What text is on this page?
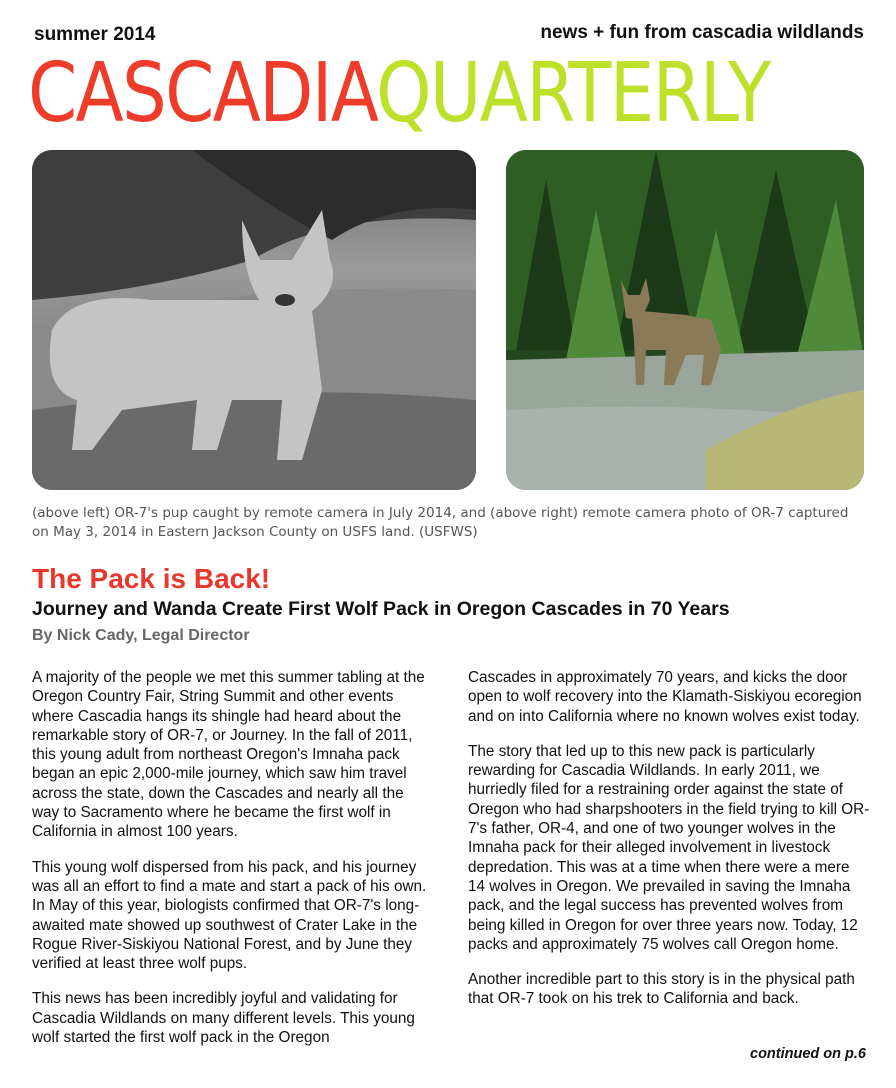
summer 2014	news + fun from cascadia wildlands
CASCADIAQUARTERLY
(above left) OR-7's pup caught by remote camera in July 2014, and (above right) remote camera photo of OR-7 captured on May 3, 2014 in Eastern Jackson County on USFS land. (USFWS)
The Pack is Back!
Journey and Wanda Create First Wolf Pack in Oregon Cascades in 70 Years
By Nick Cady, Legal Director

A majority of the people we met this summer tabling at the Oregon Country Fair, String Summit and other events where Cascadia hangs its shingle had heard about the remarkable story of OR-7, or Journey. In the fall of 2011, this young adult from northeast Oregon's Imnaha pack began an epic 2,000-mile journey, which saw him travel across the state, down the Cascades and nearly all the way to Sacramento where he became the first wolf in California in almost 100 years.

This young wolf dispersed from his pack, and his journey was all an effort to find a mate and start a pack of his own. In May of this year, biologists confirmed that OR-7's long-awaited mate showed up southwest of Crater Lake in the Rogue River-Siskiyou National Forest, and by June they verified at least three wolf pups.

This news has been incredibly joyful and validating for Cascadia Wildlands on many different levels. This young wolf started the first wolf pack in the Oregon

Cascades in approximately 70 years, and kicks the door open to wolf recovery into the Klamath-Siskiyou ecoregion and on into California where no known wolves exist today.

The story that led up to this new pack is particularly rewarding for Cascadia Wildlands. In early 2011, we hurriedly filed for a restraining order against the state of Oregon who had sharpshooters in the field trying to kill OR-7's father, OR-4, and one of two younger wolves in the Imnaha pack for their alleged involvement in livestock depredation. This was at a time when there were a mere 14 wolves in Oregon. We prevailed in saving the Imnaha pack, and the legal success has prevented wolves from being killed in Oregon for over three years now. Today, 12 packs and approximately 75 wolves call Oregon home.

Another incredible part to this story is in the physical path that OR-7 took on his trek to California and back.

continued on p.6
